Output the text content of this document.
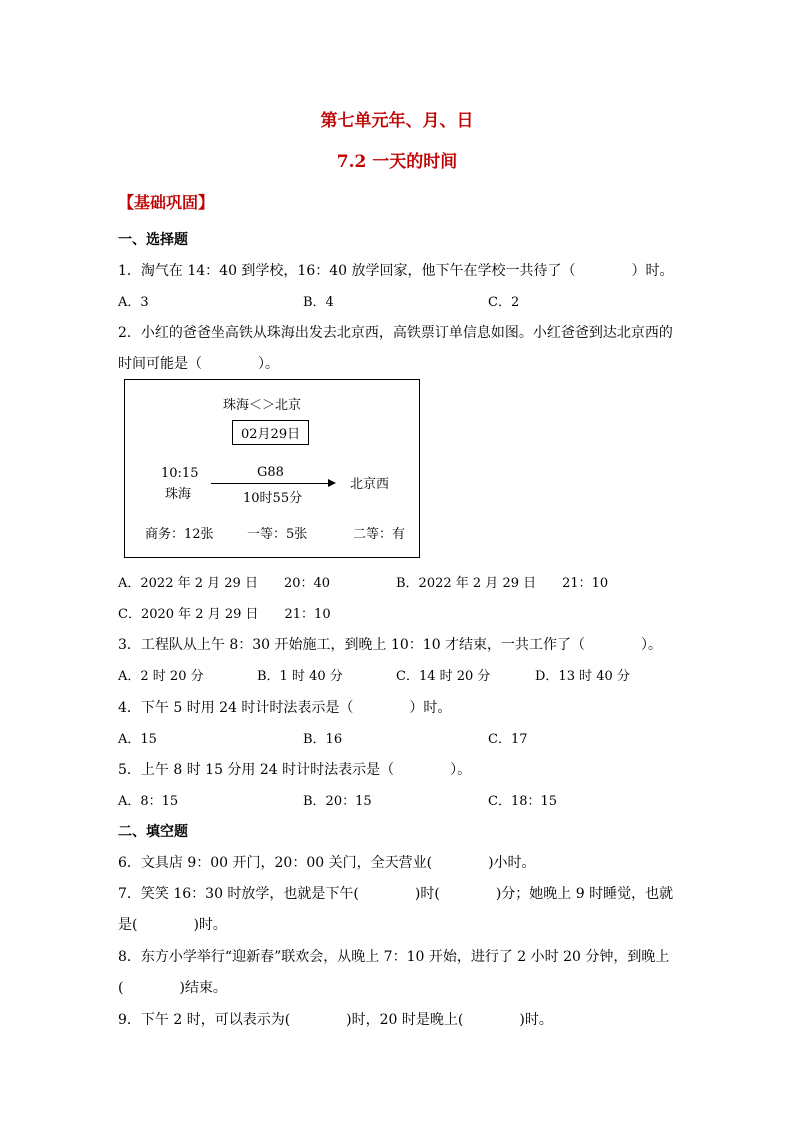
第七单元年、月、日
7.2 一天的时间
【基础巩固】
一、选择题
1．淘气在 14：40 到学校，16：40 放学回家，他下午在学校一共待了（　　　　）时。
A．3	B．4	C．2
2．小红的爸爸坐高铁从珠海出发去北京西，高铁票订单信息如图。小红爸爸到达北京西的
时间可能是（　　　　）。
珠海＜＞北京
02月29日
10:15
珠海
G88
10时55分
北京西
商务：12张	一等：5张	二等：有
A．2022 年 2 月 29 日　　20：40	B．2022 年 2 月 29 日　　21：10
C．2020 年 2 月 29 日　　21：10
3．工程队从上午 8：30 开始施工，到晚上 10：10 才结束，一共工作了（　　　　）。
A．2 时 20 分	B．1 时 40 分	C．14 时 20 分	D．13 时 40 分
4．下午 5 时用 24 时计时法表示是（　　　　）时。
A．15	B．16	C．17
5．上午 8 时 15 分用 24 时计时法表示是（　　　　）。
A．8：15	B．20：15	C．18：15
二、填空题
6．文具店 9：00 开门，20：00 关门，全天营业(　　　　)小时。
7．笑笑 16：30 时放学，也就是下午(　　　　)时(　　　　)分；她晚上 9 时睡觉，也就
是(　　　　)时。
8．东方小学举行“迎新春”联欢会，从晚上 7：10 开始，进行了 2 小时 20 分钟，到晚上
(　　　　)结束。
9．下午 2 时，可以表示为(　　　　)时，20 时是晚上(　　　　)时。
